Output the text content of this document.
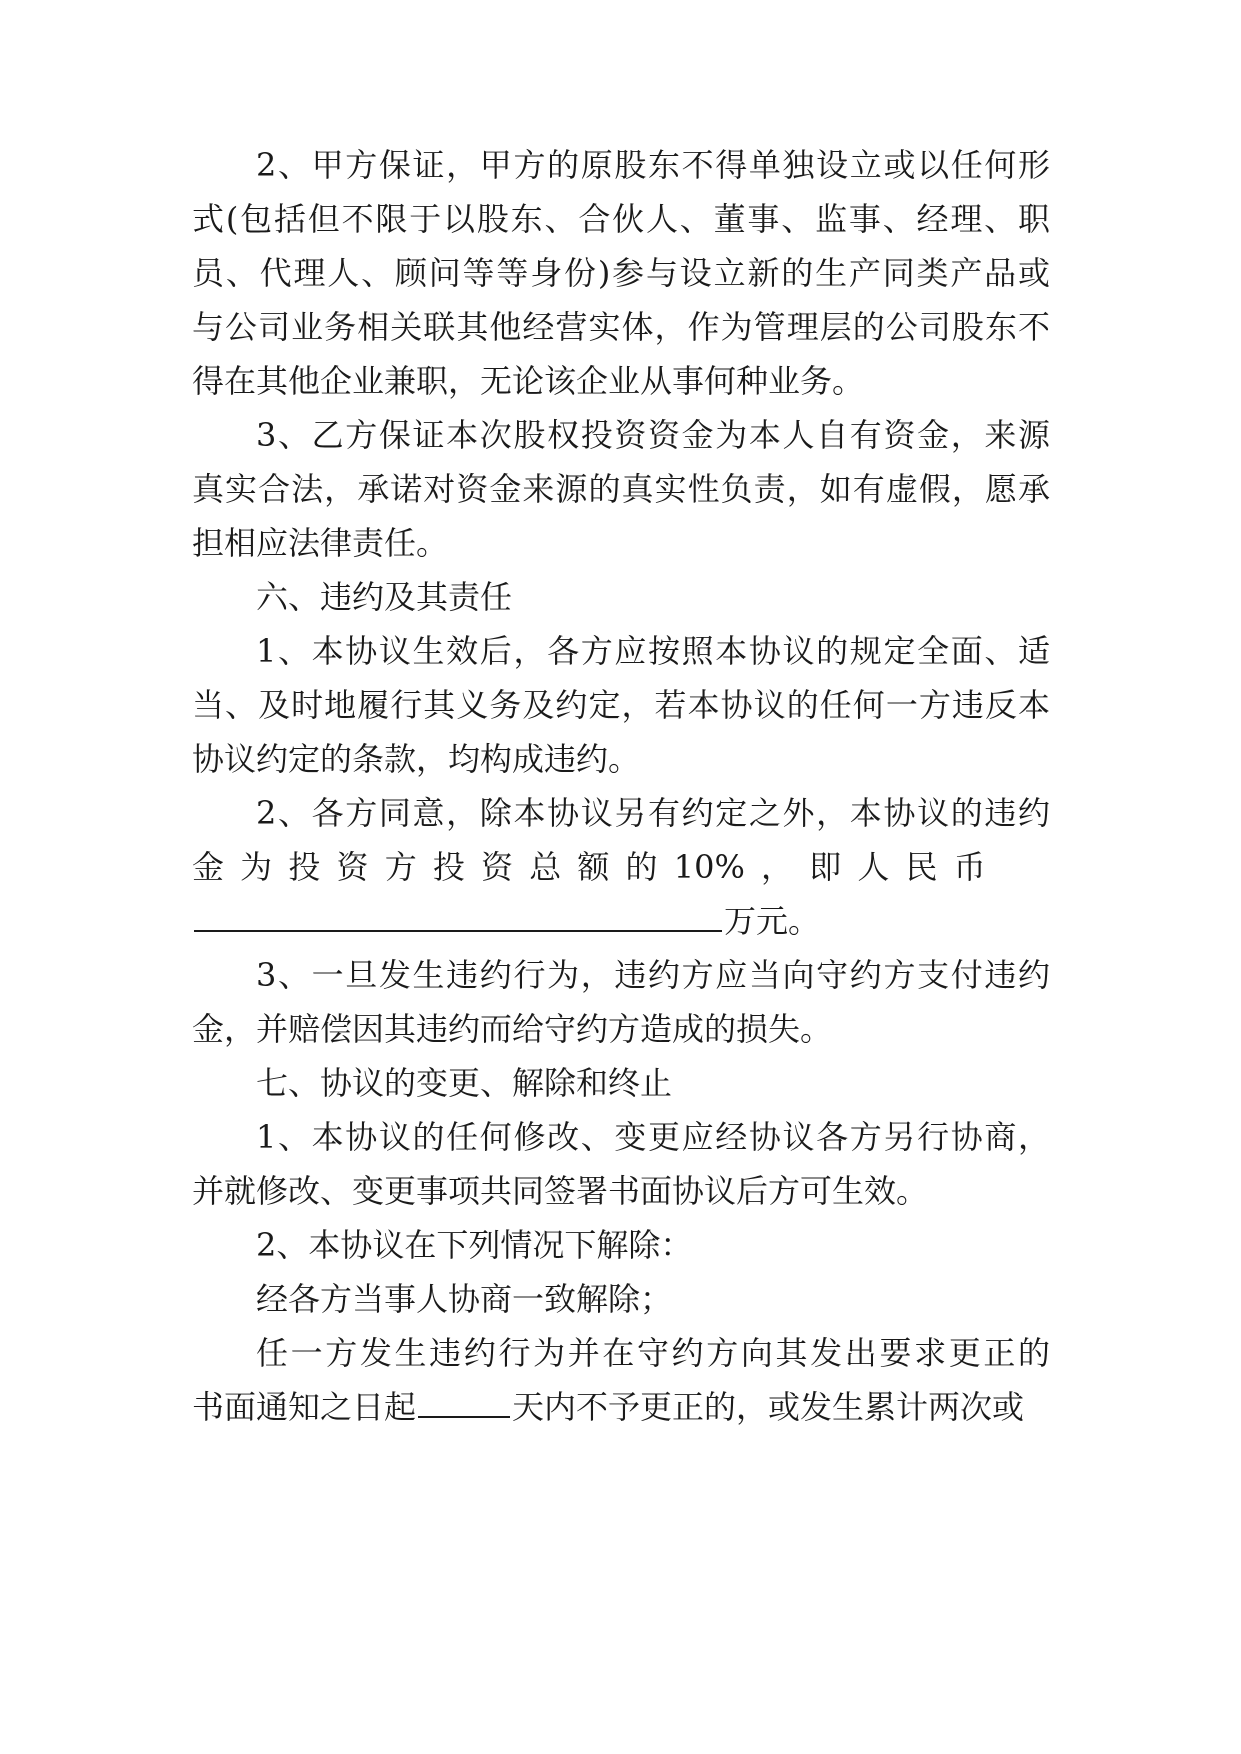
2、甲方保证，甲方的原股东不得单独设立或以任何形
式(包括但不限于以股东、合伙人、董事、监事、经理、职
员、代理人、顾问等等身份)参与设立新的生产同类产品或
与公司业务相关联其他经营实体，作为管理层的公司股东不
得在其他企业兼职，无论该企业从事何种业务。
3、乙方保证本次股权投资资金为本人自有资金，来源
真实合法，承诺对资金来源的真实性负责，如有虚假，愿承
担相应法律责任。
六、违约及其责任
1、本协议生效后，各方应按照本协议的规定全面、适
当、及时地履行其义务及约定，若本协议的任何一方违反本
协议约定的条款，均构成违约。
2、各方同意，除本协议另有约定之外，本协议的违约
金 为 投 资 方 投 资 总 额 的 10% ， 即 人 民 币
万元。
3、一旦发生违约行为，违约方应当向守约方支付违约
金，并赔偿因其违约而给守约方造成的损失。
七、协议的变更、解除和终止
1、本协议的任何修改、变更应经协议各方另行协商，
并就修改、变更事项共同签署书面协议后方可生效。
2、本协议在下列情况下解除：
经各方当事人协商一致解除；
任一方发生违约行为并在守约方向其发出要求更正的
书面通知之日起	天内不予更正的，或发生累计两次或
